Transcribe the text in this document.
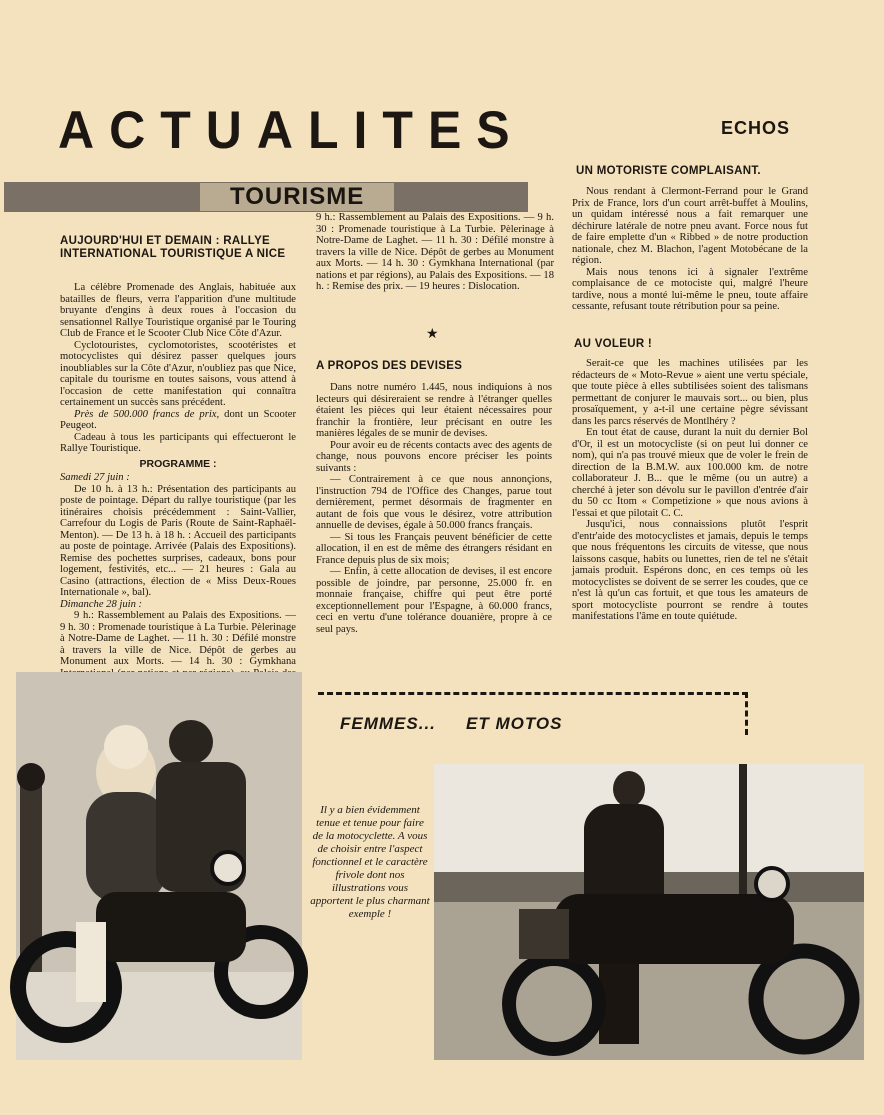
ACTUALITES	ECHOS
TOURISME
AUJOURD'HUI ET DEMAIN : RALLYE INTERNATIONAL TOURISTIQUE A NICE

La célèbre Promenade des Anglais, habituée aux batailles de fleurs, verra l'apparition d'une multitude bruyante d'engins à deux roues à l'occasion du sensationnel Rallye Touristique organisé par le Touring Club de France et le Scooter Club Nice Côte d'Azur.

Cyclotouristes, cyclomotoristes, scootéristes et motocyclistes qui désirez passer quelques jours inoubliables sur la Côte d'Azur, n'oubliez pas que Nice, capitale du tourisme en toutes saisons, vous attend à l'occasion de cette manifestation qui connaîtra certainement un succès sans précédent.

Près de 500.000 francs de prix, dont un Scooter Peugeot.

Cadeau à tous les participants qui effectueront le Rallye Touristique.

PROGRAMME :

Samedi 27 juin :

De 10 h. à 13 h.: Présentation des participants au poste de pointage. Départ du rallye touristique (par les itinéraires choisis précédemment : Saint-Vallier, Carrefour du Logis de Paris (Route de Saint-Raphaël-Menton). — De 13 h. à 18 h. : Accueil des participants au poste de pointage. Arrivée (Palais des Expositions). Remise des pochettes surprises, cadeaux, bons pour logement, festivités, etc... — 21 heures : Gala au Casino (attractions, élection de « Miss Deux-Roues Internationale », bal).

Dimanche 28 juin :

9 h.: Rassemblement au Palais des Expositions. — 9 h. 30 : Promenade touristique à La Turbie. Pèlerinage à Notre-Dame de Laghet. — 11 h. 30 : Défilé monstre à travers la ville de Nice. Dépôt de gerbes au Monument aux Morts. — 14 h. 30 : Gymkhana

9 h.: Rassemblement au Palais des Expositions. — 9 h. 30 : Promenade touristique à La Turbie. Pèlerinage à Notre-Dame de Laghet. — 11 h. 30 : Défilé monstre à travers la ville de Nice. Dépôt de gerbes au Monument aux Morts. — 14 h. 30 : Gymkhana International (par nations et par régions), au Palais des Expositions. — 18 h. : Remise des prix. — 19 heures : Dislocation.

★
A PROPOS DES DEVISES

Dans notre numéro 1.445, nous indiquions à nos lecteurs qui désireraient se rendre à l'étranger quelles étaient les pièces qui leur étaient nécessaires pour franchir la frontière, leur précisant en outre les manières légales de se munir de devises.

Pour avoir eu de récents contacts avec des agents de change, nous pouvons encore préciser les points suivants :

— Contrairement à ce que nous annonçions, l'instruction 794 de l'Office des Changes, parue tout dernièrement, permet désormais de fragmenter en autant de fois que vous le désirez, votre attribution annuelle de devises, égale à 50.000 francs français.

— Si tous les Français peuvent bénéficier de cette allocation, il en est de même des étrangers résidant en France depuis plus de six mois;

— Enfin, à cette allocation de devises, il est encore possible de joindre, par personne, 25.000 fr. en monnaie française, chiffre qui peut être porté exceptionnellement pour l'Espagne, à 60.000 francs, ceci en vertu d'une tolérance douanière, propre à ce seul pays.

UN MOTORISTE COMPLAISANT.

Nous rendant à Clermont-Ferrand pour le Grand Prix de France, lors d'un court arrêt-buffet à Moulins, un quidam intéressé nous a fait remarquer une déchirure latérale de notre pneu avant. Force nous fut de faire emplette d'un « Ribbed » de notre production nationale, chez M. Blachon, l'agent Motobécane de la région.

Mais nous tenons ici à signaler l'extrême complaisance de ce motociste qui, malgré l'heure tardive, nous a monté lui-même le pneu, toute affaire cessante, refusant toute rétribution pour sa peine.

AU VOLEUR !

Serait-ce que les machines utilisées par les rédacteurs de « Moto-Revue » aient une vertu spéciale, que toute pièce à elles subtilisées soient des talismans permettant de conjurer le mauvais sort... ou bien, plus prosaïquement, y a-t-il une certaine pègre sévissant dans les parcs réservés de Montlhéry ?

En tout état de cause, durant la nuit du dernier Bol d'Or, il est un motocycliste (si on peut lui donner ce nom), qui n'a pas trouvé mieux que de voler le frein de direction de la B.M.W. aux 100.000 km. de notre collaborateur J. B... que le même (ou un autre) a cherché à jeter son dévolu sur le pavillon d'entrée d'air du 50 cc Itom « Competizione » que nous avions à l'essai et que pilotait C. C.

Jusqu'ici, nous connaissions plutôt l'esprit d'entr'aide des motocyclistes et jamais, depuis le temps que nous fréquentons les circuits de vitesse, que nous laissons casque, habits ou lunettes, rien de tel ne s'était jamais produit. Espérons donc, en ces temps où les motocyclistes se doivent de se serrer les coudes, que ce n'est là qu'un cas fortuit, et que tous les amateurs de sport motocycliste pourront se rendre à toutes manifestations l'âme en toute quiétude.

FEMMES... ET MOTOS
Il y a bien évidemment tenue et tenue pour faire de la motocyclette. A vous de choisir entre l'aspect fonctionnel et le caractère frivole dont nos illustrations vous apportent le plus charmant exemple !
